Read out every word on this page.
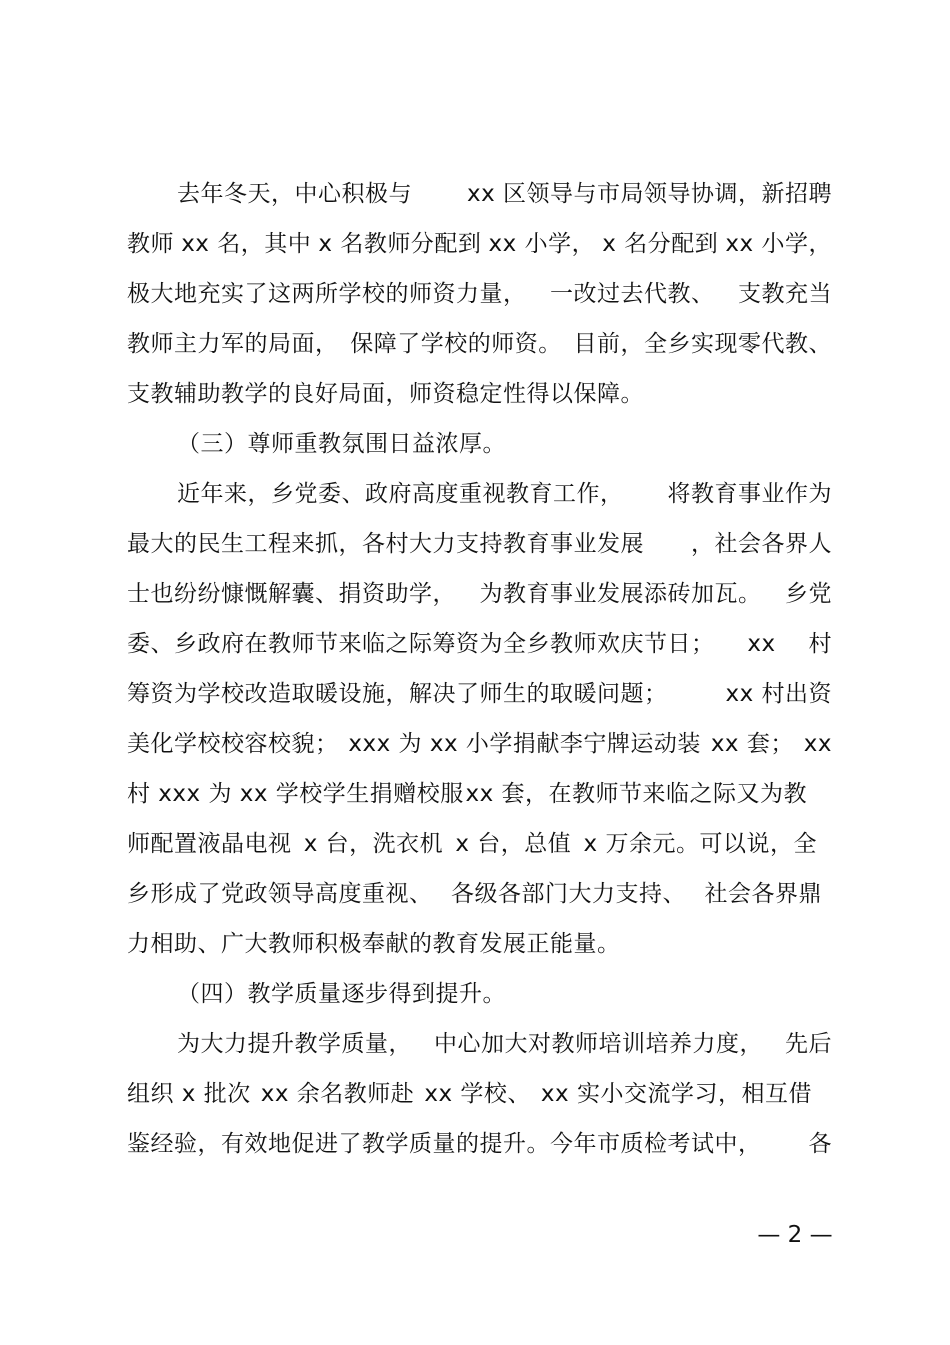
去年冬天，中心积极与 xx 区领导与市局领导协调，新招聘
教师 xx 名，其中 x 名教师分配到 xx 小学， x 名分配到 xx 小学，
极大地充实了这两所学校的师资力量， 一改过去代教、 支教充当
教师主力军的局面， 保障了学校的师资。 目前，全乡实现零代教、
支教辅助教学的良好局面，师资稳定性得以保障。
（三）尊师重教氛围日益浓厚。
近年来，乡党委、政府高度重视教育工作， 将教育事业作为
最大的民生工程来抓，各村大力支持教育事业发展 ，社会各界人
士也纷纷慷慨解囊、捐资助学， 为教育事业发展添砖加瓦。 乡党
委、乡政府在教师节来临之际筹资为全乡教师欢庆节日； xx 村
筹资为学校改造取暖设施，解决了师生的取暖问题；	xx 村出资
美化学校校容校貌； xxx 为 xx 小学捐献李宁牌运动装 xx 套； xx
村 xxx 为 xx 学校学生捐赠校服 xx 套，在教师节来临之际又为教
师配置液晶电视 x 台，洗衣机 x 台，总值 x 万余元。可以说，全
乡形成了党政领导高度重视、 各级各部门大力支持、 社会各界鼎
力相助、广大教师积极奉献的教育发展正能量。
（四）教学质量逐步得到提升。
为大力提升教学质量， 中心加大对教师培训培养力度， 先后
组织 x 批次 xx 余名教师赴 xx 学校、 xx 实小交流学习，相互借
鉴经验，有效地促进了教学质量的提升。今年市质检考试中， 各
— 2 —
